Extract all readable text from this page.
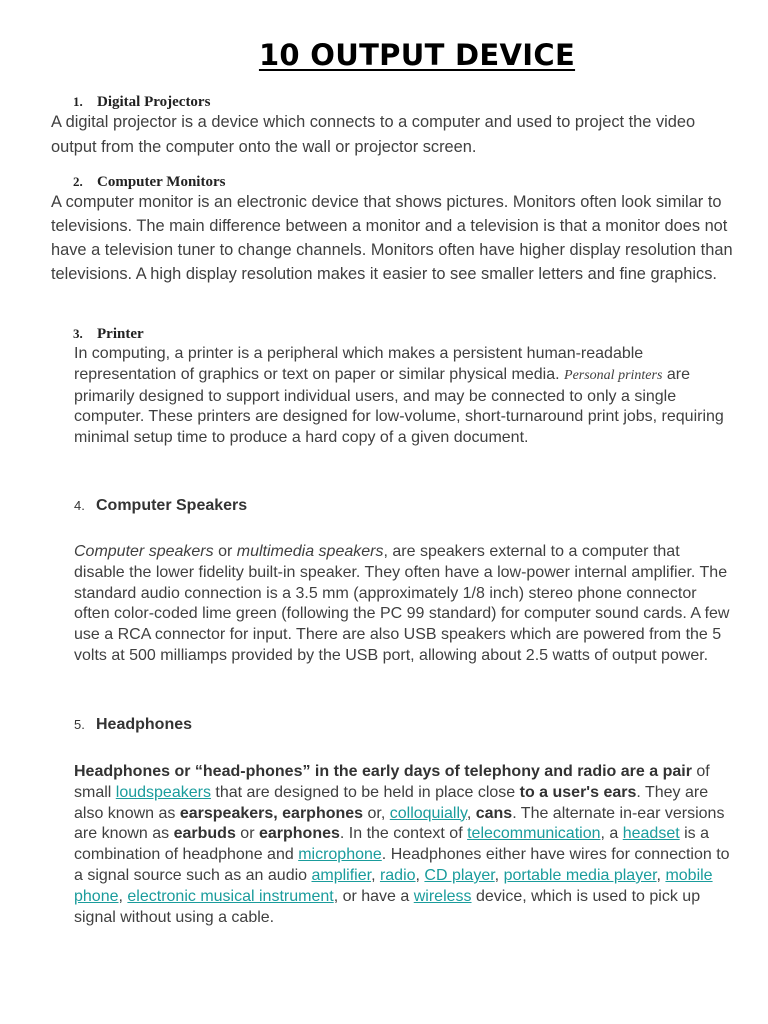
10 OUTPUT DEVICE
1. Digital Projectors

A digital projector is a device which connects to a computer and used to project the video output from the computer onto the wall or projector screen.

2. Computer Monitors

A computer monitor is an electronic device that shows pictures. Monitors often look similar to televisions. The main difference between a monitor and a television is that a monitor does not have a television tuner to change channels. Monitors often have higher display resolution than televisions. A high display resolution makes it easier to see smaller letters and fine graphics.

3. Printer

In computing, a printer is a peripheral which makes a persistent human-readable representation of graphics or text on paper or similar physical media. Personal printers are primarily designed to support individual users, and may be connected to only a single computer. These printers are designed for low-volume, short-turnaround print jobs, requiring minimal setup time to produce a hard copy of a given document.

4. Computer Speakers

Computer speakers or multimedia speakers, are speakers external to a computer that disable the lower fidelity built-in speaker. They often have a low-power internal amplifier. The standard audio connection is a 3.5 mm (approximately 1/8 inch) stereo phone connector often color-coded lime green (following the PC 99 standard) for computer sound cards. A few use a RCA connector for input. There are also USB speakers which are powered from the 5 volts at 500 milliamps provided by the USB port, allowing about 2.5 watts of output power.

5. Headphones

Headphones or “head-phones” in the early days of telephony and radio are a pair of small loudspeakers that are designed to be held in place close to a user's ears. They are also known as earspeakers, earphones or, colloquially, cans. The alternate in-ear versions are known as earbuds or earphones. In the context of telecommunication, a headset is a combination of headphone and microphone. Headphones either have wires for connection to a signal source such as an audio amplifier, radio, CD player, portable media player, mobile phone, electronic musical instrument, or have a wireless device, which is used to pick up signal without using a cable.
